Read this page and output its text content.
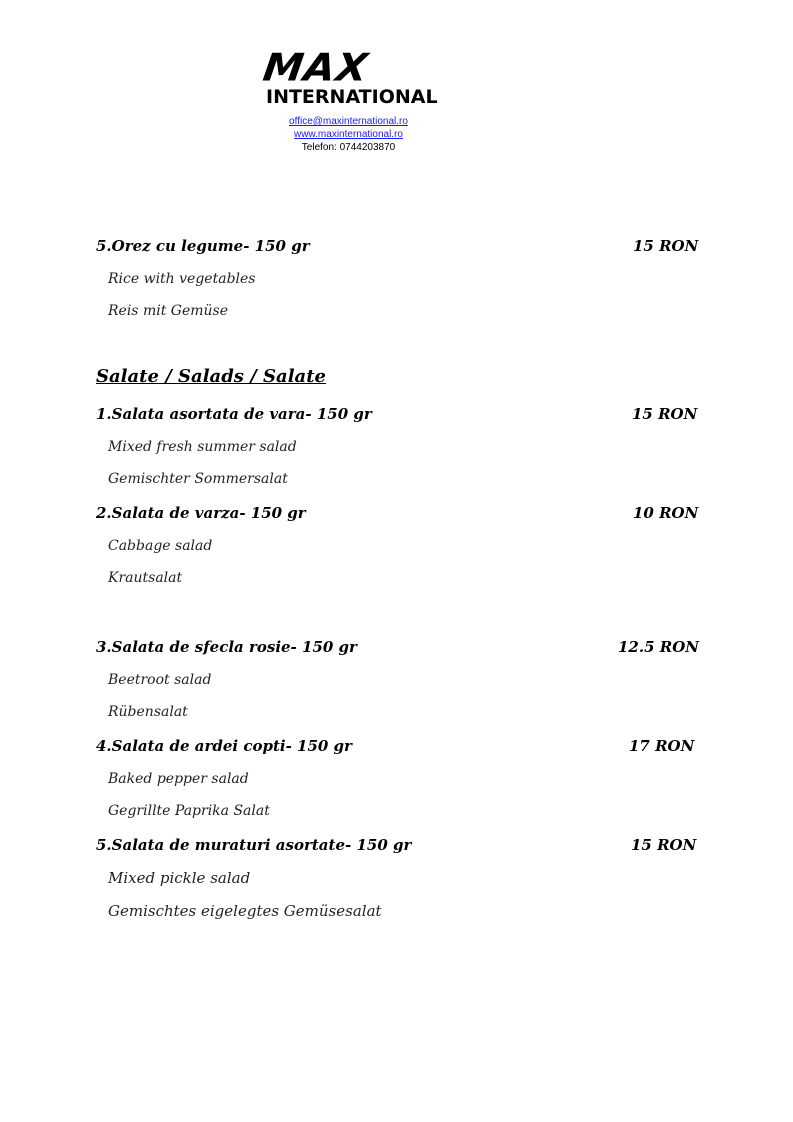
MAX
INTERNATIONAL
office@maxinternational.ro
www.maxinternational.ro
Telefon: 0744203870
5.Orez cu legume- 150 gr	15 RON
Rice with vegetables
Reis mit Gemüse
Salate / Salads / Salate
1.Salata asortata de vara- 150 gr	15 RON
Mixed fresh summer salad
Gemischter Sommersalat
2.Salata de varza- 150 gr	10 RON
Cabbage salad
Krautsalat
3.Salata de sfecla rosie- 150 gr	12.5 RON
Beetroot salad
Rübensalat
4.Salata de ardei copti- 150 gr	17 RON
Baked pepper salad
Gegrillte Paprika Salat
5.Salata de muraturi asortate- 150 gr	15 RON
Mixed pickle salad
Gemischtes eigelegtes Gemüsesalat
